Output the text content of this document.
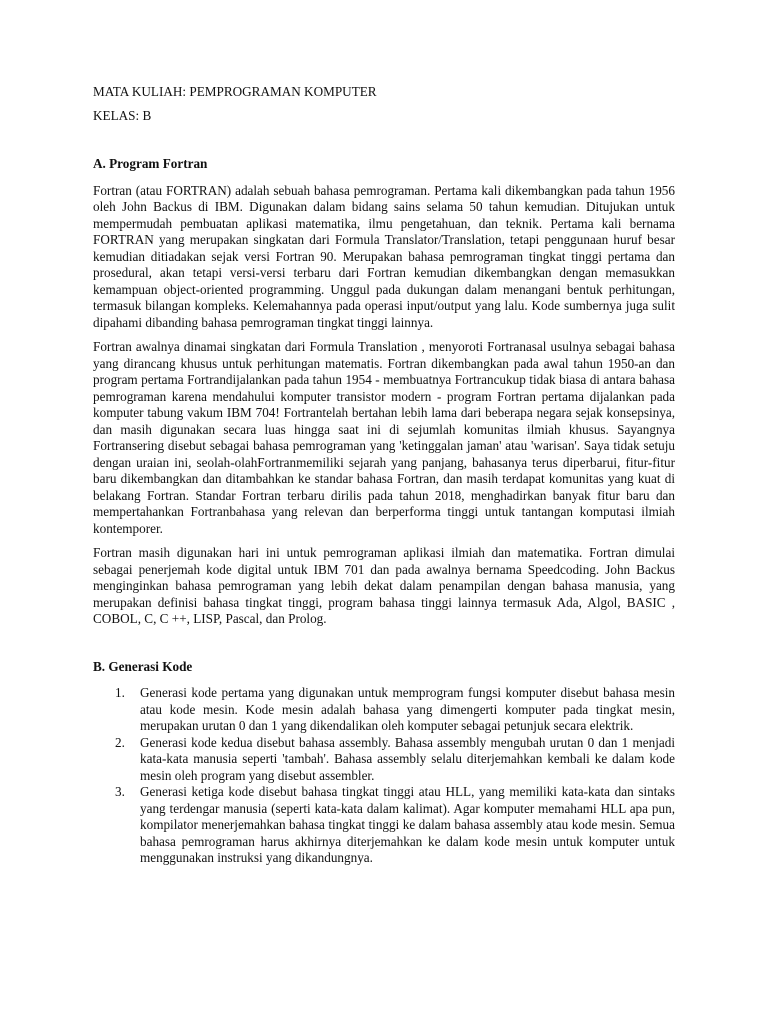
MATA KULIAH: PEMPROGRAMAN KOMPUTER

KELAS: B

A. Program Fortran

Fortran (atau FORTRAN) adalah sebuah bahasa pemrograman. Pertama kali dikembangkan pada tahun 1956 oleh John Backus di IBM. Digunakan dalam bidang sains selama 50 tahun kemudian. Ditujukan untuk mempermudah pembuatan aplikasi matematika, ilmu pengetahuan, dan teknik. Pertama kali bernama FORTRAN yang merupakan singkatan dari Formula Translator/Translation, tetapi penggunaan huruf besar kemudian ditiadakan sejak versi Fortran 90. Merupakan bahasa pemrograman tingkat tinggi pertama dan prosedural, akan tetapi versi-versi terbaru dari Fortran kemudian dikembangkan dengan memasukkan kemampuan object-oriented programming. Unggul pada dukungan dalam menangani bentuk perhitungan, termasuk bilangan kompleks. Kelemahannya pada operasi input/output yang lalu. Kode sumbernya juga sulit dipahami dibanding bahasa pemrograman tingkat tinggi lainnya.

Fortran awalnya dinamai singkatan dari Formula Translation , menyoroti Fortranasal usulnya sebagai bahasa yang dirancang khusus untuk perhitungan matematis. Fortran dikembangkan pada awal tahun 1950-an dan program pertama Fortrandijalankan pada tahun 1954 - membuatnya Fortrancukup tidak biasa di antara bahasa pemrograman karena mendahului komputer transistor modern - program Fortran pertama dijalankan pada komputer tabung vakum IBM 704! Fortrantelah bertahan lebih lama dari beberapa negara sejak konsepsinya, dan masih digunakan secara luas hingga saat ini di sejumlah komunitas ilmiah khusus. Sayangnya Fortransering disebut sebagai bahasa pemrograman yang 'ketinggalan jaman' atau 'warisan'. Saya tidak setuju dengan uraian ini, seolah-olahFortranmemiliki sejarah yang panjang, bahasanya terus diperbarui, fitur-fitur baru dikembangkan dan ditambahkan ke standar bahasa Fortran, dan masih terdapat komunitas yang kuat di belakang Fortran. Standar Fortran terbaru dirilis pada tahun 2018, menghadirkan banyak fitur baru dan mempertahankan Fortranbahasa yang relevan dan berperforma tinggi untuk tantangan komputasi ilmiah kontemporer.

Fortran masih digunakan hari ini untuk pemrograman aplikasi ilmiah dan matematika. Fortran dimulai sebagai penerjemah kode digital untuk IBM 701 dan pada awalnya bernama Speedcoding. John Backus menginginkan bahasa pemrograman yang lebih dekat dalam penampilan dengan bahasa manusia, yang merupakan definisi bahasa tingkat tinggi, program bahasa tinggi lainnya termasuk Ada, Algol, BASIC , COBOL, C, C ++, LISP, Pascal, dan Prolog.

B. Generasi Kode
1. Generasi kode pertama yang digunakan untuk memprogram fungsi komputer disebut bahasa mesin atau kode mesin. Kode mesin adalah bahasa yang dimengerti komputer pada tingkat mesin, merupakan urutan 0 dan 1 yang dikendalikan oleh komputer sebagai petunjuk secara elektrik.
2. Generasi kode kedua disebut bahasa assembly. Bahasa assembly mengubah urutan 0 dan 1 menjadi kata-kata manusia seperti 'tambah'. Bahasa assembly selalu diterjemahkan kembali ke dalam kode mesin oleh program yang disebut assembler.
3. Generasi ketiga kode disebut bahasa tingkat tinggi atau HLL, yang memiliki kata-kata dan sintaks yang terdengar manusia (seperti kata-kata dalam kalimat). Agar komputer memahami HLL apa pun, kompilator menerjemahkan bahasa tingkat tinggi ke dalam bahasa assembly atau kode mesin. Semua bahasa pemrograman harus akhirnya diterjemahkan ke dalam kode mesin untuk komputer untuk menggunakan instruksi yang dikandungnya.
